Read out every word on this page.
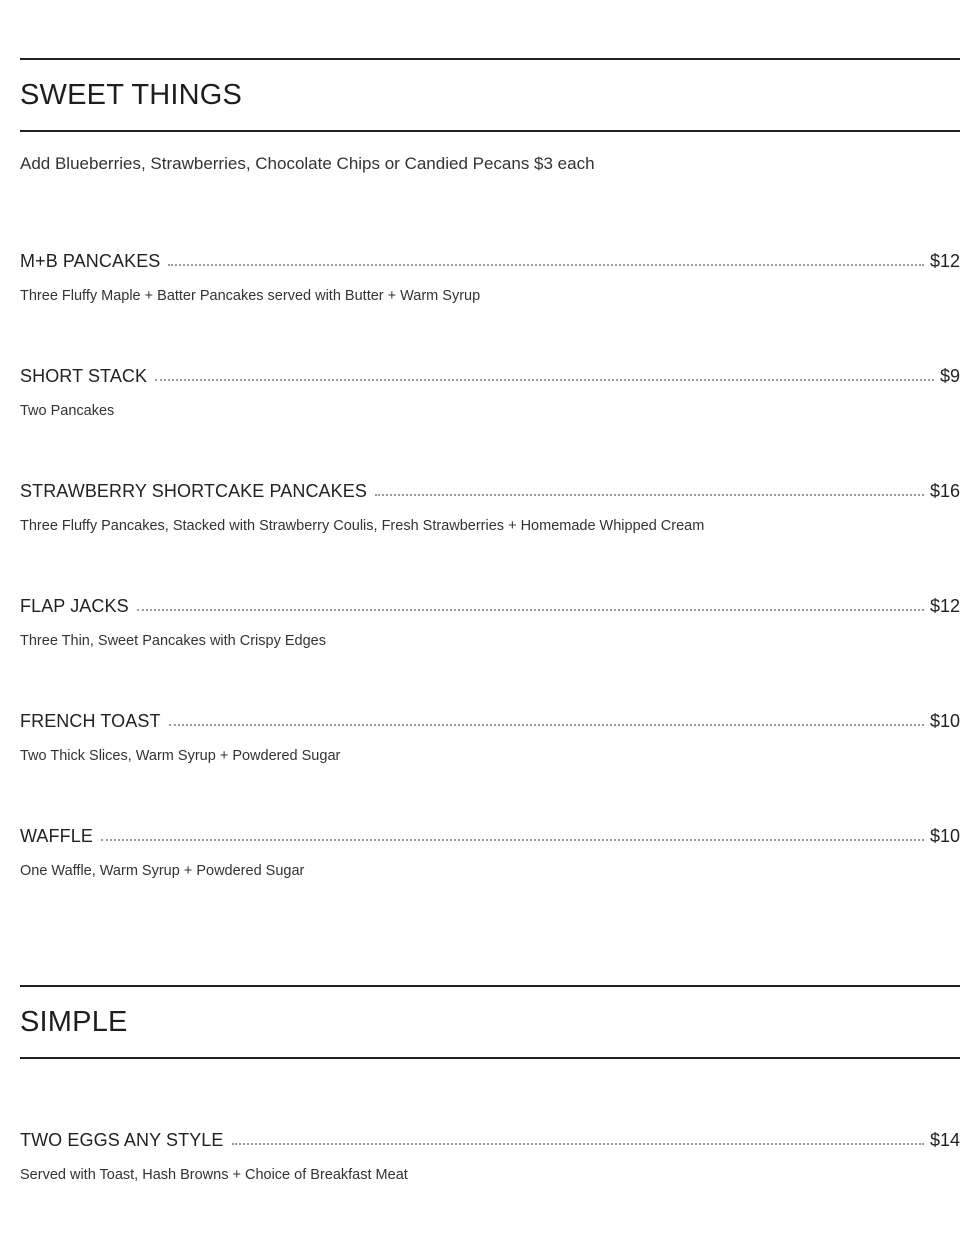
SWEET THINGS
Add Blueberries, Strawberries, Chocolate Chips or Candied Pecans $3 each
M+B PANCAKES	$12
Three Fluffy Maple + Batter Pancakes served with Butter + Warm Syrup
SHORT STACK	$9
Two Pancakes
STRAWBERRY SHORTCAKE PANCAKES	$16
Three Fluffy Pancakes, Stacked with Strawberry Coulis, Fresh Strawberries + Homemade Whipped Cream
FLAP JACKS	$12
Three Thin, Sweet Pancakes with Crispy Edges
FRENCH TOAST	$10
Two Thick Slices, Warm Syrup + Powdered Sugar
WAFFLE	$10
One Waffle, Warm Syrup + Powdered Sugar
SIMPLE
TWO EGGS ANY STYLE	$14
Served with Toast, Hash Browns + Choice of Breakfast Meat
